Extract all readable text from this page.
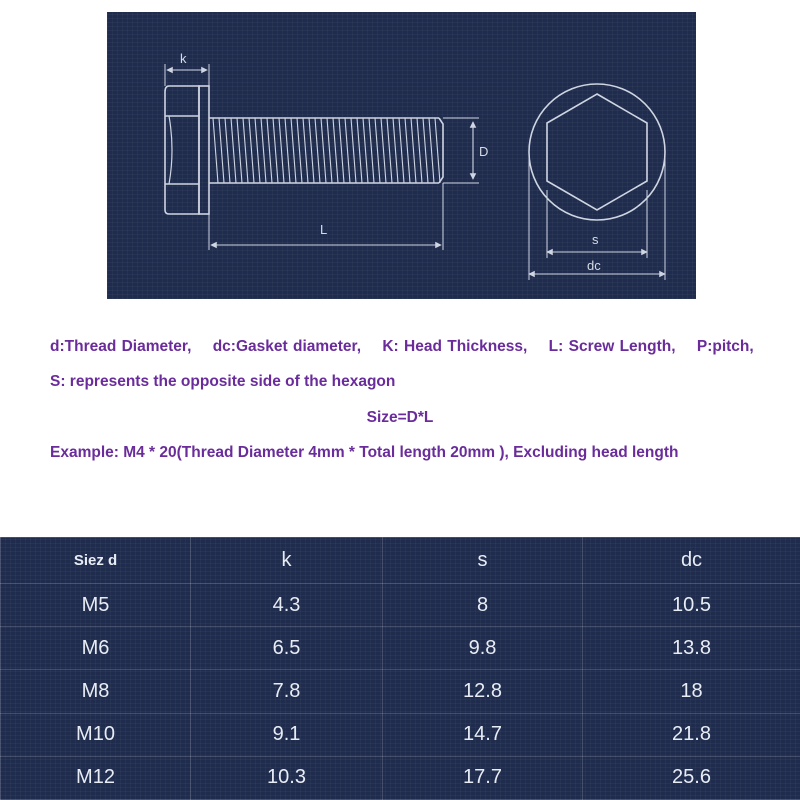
k
D
L
s
dc
d:Thread Diameter, dc:Gasket diameter, K: Head Thickness, L: Screw Length, P:pitch,
S: represents the opposite side of the hexagon
Size=D*L
Example: M4 * 20(Thread Diameter 4mm * Total length 20mm ), Excluding head length
Siez d	k	s	dc
M5	4.3	8	10.5
M6	6.5	9.8	13.8
M8	7.8	12.8	18
M10	9.1	14.7	21.8
M12	10.3	17.7	25.6
